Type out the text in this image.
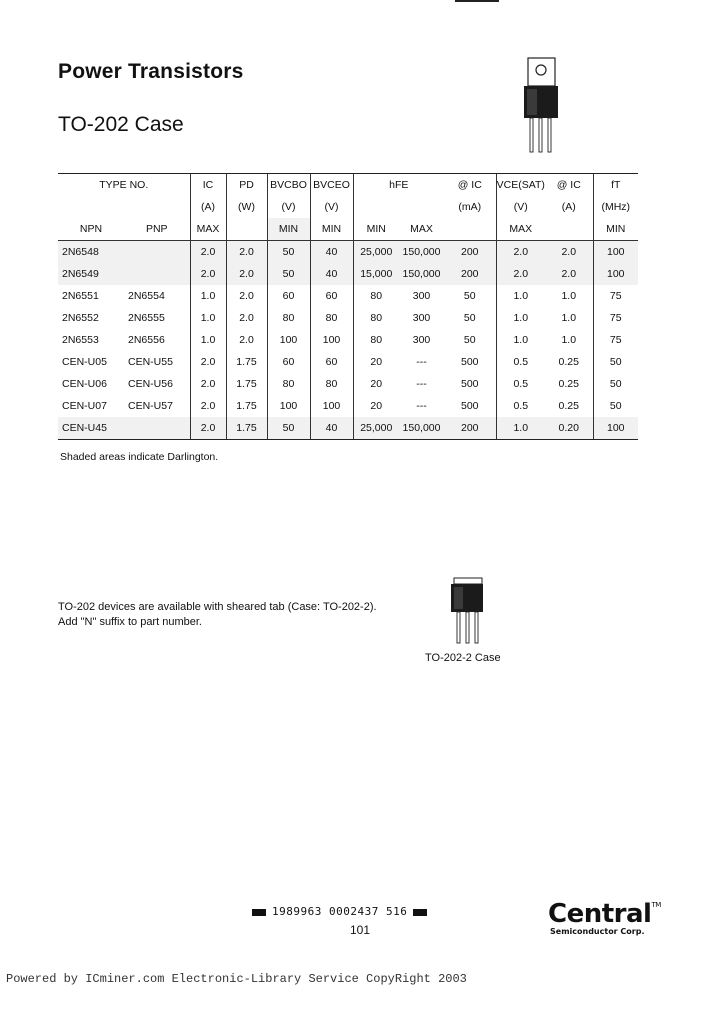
Power Transistors
TO-202 Case
TYPE NO.		IC	PD	BVCBO	BVCEO	hFE		@ IC	VCE(SAT)	@ IC	fT
		(A)	(W)	(V)	(V)			(mA)	(V)	(A)	(MHz)
NPN	PNP	MAX		MIN	MIN	MIN	MAX		MAX		MIN
2N6548		2.0	2.0	50	40	25,000	150,000	200	2.0	2.0	100
2N6549		2.0	2.0	50	40	15,000	150,000	200	2.0	2.0	100
2N6551	2N6554	1.0	2.0	60	60	80	300	50	1.0	1.0	75
2N6552	2N6555	1.0	2.0	80	80	80	300	50	1.0	1.0	75
2N6553	2N6556	1.0	2.0	100	100	80	300	50	1.0	1.0	75
CEN-U05	CEN-U55	2.0	1.75	60	60	20	---	500	0.5	0.25	50
CEN-U06	CEN-U56	2.0	1.75	80	80	20	---	500	0.5	0.25	50
CEN-U07	CEN-U57	2.0	1.75	100	100	20	---	500	0.5	0.25	50
CEN-U45		2.0	1.75	50	40	25,000	150,000	200	1.0	0.20	100
Shaded areas indicate Darlington.
TO-202 devices are available with sheared tab (Case: TO-202-2).
Add "N" suffix to part number.
TO-202-2 Case
1989963 0002437 516
101
Central™
Semiconductor Corp.
Powered by ICminer.com Electronic-Library Service CopyRight 2003
